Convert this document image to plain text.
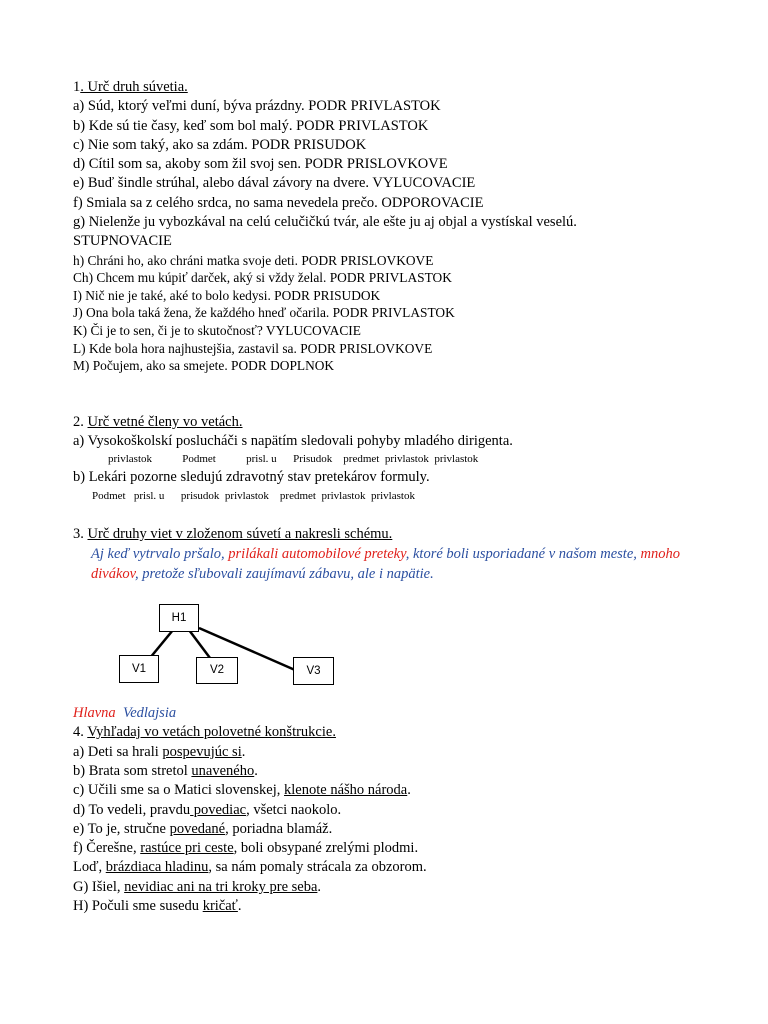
1. Urč druh súvetia.
a) Súd, ktorý veľmi duní, býva prázdny. PODR PRIVLASTOK
b) Kde sú tie časy, keď som bol malý. PODR PRIVLASTOK
c) Nie som taký, ako sa zdám. PODR PRISUDOK
d) Cítil som sa, akoby som žil svoj sen. PODR PRISLOVKOVE
e) Buď šindle strúhal, alebo dával závory na dvere. VYLUCOVACIE
f) Smiala sa z celého srdca, no sama nevedela prečo. ODPOROVACIE
g) Nielenže ju vybozkával na celú celučičkú tvár, ale ešte ju aj objal a vystískal veselú.
STUPNOVACIE
h) Chráni ho, ako chráni matka svoje deti. PODR PRISLOVKOVE
Ch) Chcem mu kúpiť darček, aký si vždy želal. PODR PRIVLASTOK
I) Nič nie je také, aké to bolo kedysi. PODR PRISUDOK
J) Ona bola taká žena, že každého hneď očarila. PODR PRIVLASTOK
K) Či je to sen, či je to skutočnosť? VYLUCOVACIE
L) Kde bola hora najhustejšia, zastavil sa. PODR PRISLOVKOVE
M) Počujem, ako sa smejete. PODR DOPLNOK
2. Urč vetné členy vo vetách.
a) Vysokoškolskí poslucháči s napätím sledovali pohyby mladého dirigenta.
privlastok           Podmet           prisl. u      Prisudok    predmet  privlastok  privlastok
b) Lekári pozorne sledujú zdravotný stav pretekárov formuly.
Podmet   prisl. u      prisudok  privlastok    predmet  privlastok  privlastok
3. Urč druhy viet v zloženom súvetí a nakresli schému.
Aj keď vytrvalo pršalo, prilákali automobilové preteky, ktoré boli usporiadané v našom meste, mnoho divákov, pretože sľubovali zaujímavú zábavu, ale i napätie.
H1
V1	V2	V3
Hlavna Vedlajsia
4. Vyhľadaj vo vetách polovetné konštrukcie.
a) Deti sa hrali pospevujúc si.
b) Brata som stretol unaveného.
c) Učili sme sa o Matici slovenskej, klenote nášho národa.
d) To vedeli, pravdu povediac, všetci naokolo.
e) To je, stručne povedané, poriadna blamáž.
f) Čerešne, rastúce pri ceste, boli obsypané zrelými plodmi.
Loď, brázdiaca hladinu, sa nám pomaly strácala za obzorom.
G) Išiel, nevidiac ani na tri kroky pre seba.
H) Počuli sme susedu kričať.
